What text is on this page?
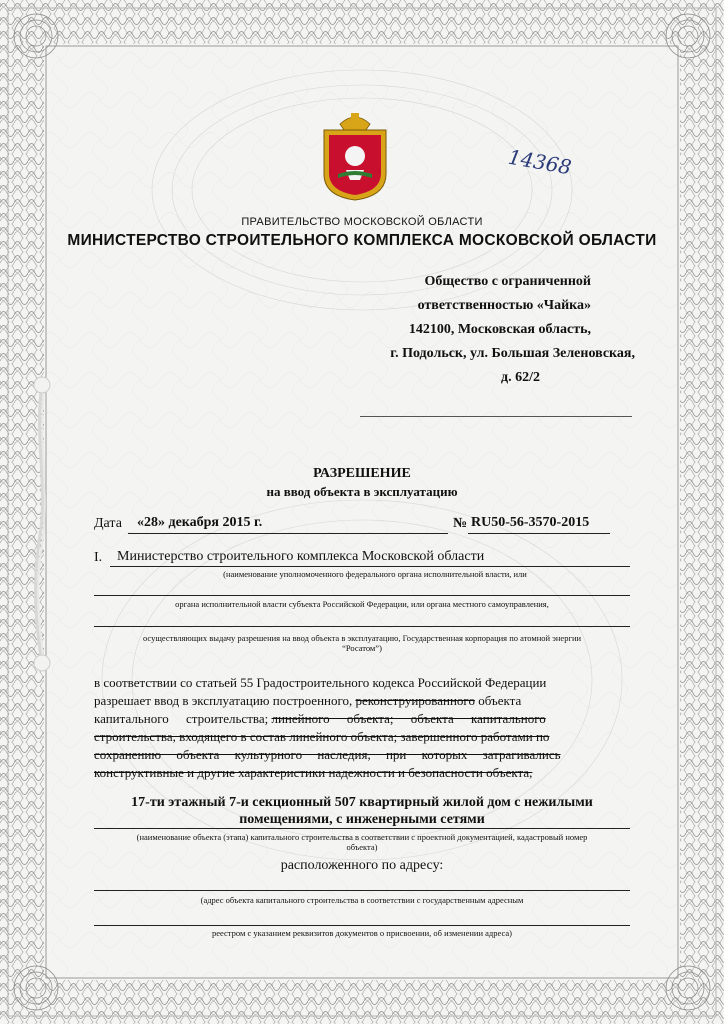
14368
ПРАВИТЕЛЬСТВО МОСКОВСКОЙ ОБЛАСТИ
МИНИСТЕРСТВО СТРОИТЕЛЬНОГО КОМПЛЕКСА МОСКОВСКОЙ ОБЛАСТИ
Общество с ограниченной
ответственностью «Чайка»
142100, Московская область,
г. Подольск, ул. Большая Зеленовская,
д. 62/2
РАЗРЕШЕНИЕ
на ввод объекта в эксплуатацию
Дата «28» декабря 2015 г.	№ RU50-56-3570-2015
I. Министерство строительного комплекса Московской области
(наименование уполномоченного федерального органа исполнительной власти, или
органа исполнительной власти субъекта Российской Федерации, или органа местного самоуправления,
осуществляющих выдачу разрешения на ввод объекта в эксплуатацию, Государственная корпорация по атомной энергии
“Росатом”)
в соответствии со статьей 55 Градостроительного кодекса Российской Федерации
разрешает ввод в эксплуатацию построенного, реконструированного объекта
капитального строительства; линейного объекта; объекта капитального
строительства, входящего в состав линейного объекта; завершенного работами по
сохранению объекта культурного наследия, при которых затрагивались
конструктивные и другие характеристики надежности и безопасности объекта,
17-ти этажный 7-и секционный 507 квартирный жилой дом с нежилыми
помещениями, с инженерными сетями
(наименование объекта (этапа) капитального строительства в соответствии с проектной документацией, кадастровый номер
объекта)
расположенного по адресу:
(адрес объекта капитального строительства в соответствии с государственным адресным
реестром с указанием реквизитов документов о присвоении, об изменении адреса)
